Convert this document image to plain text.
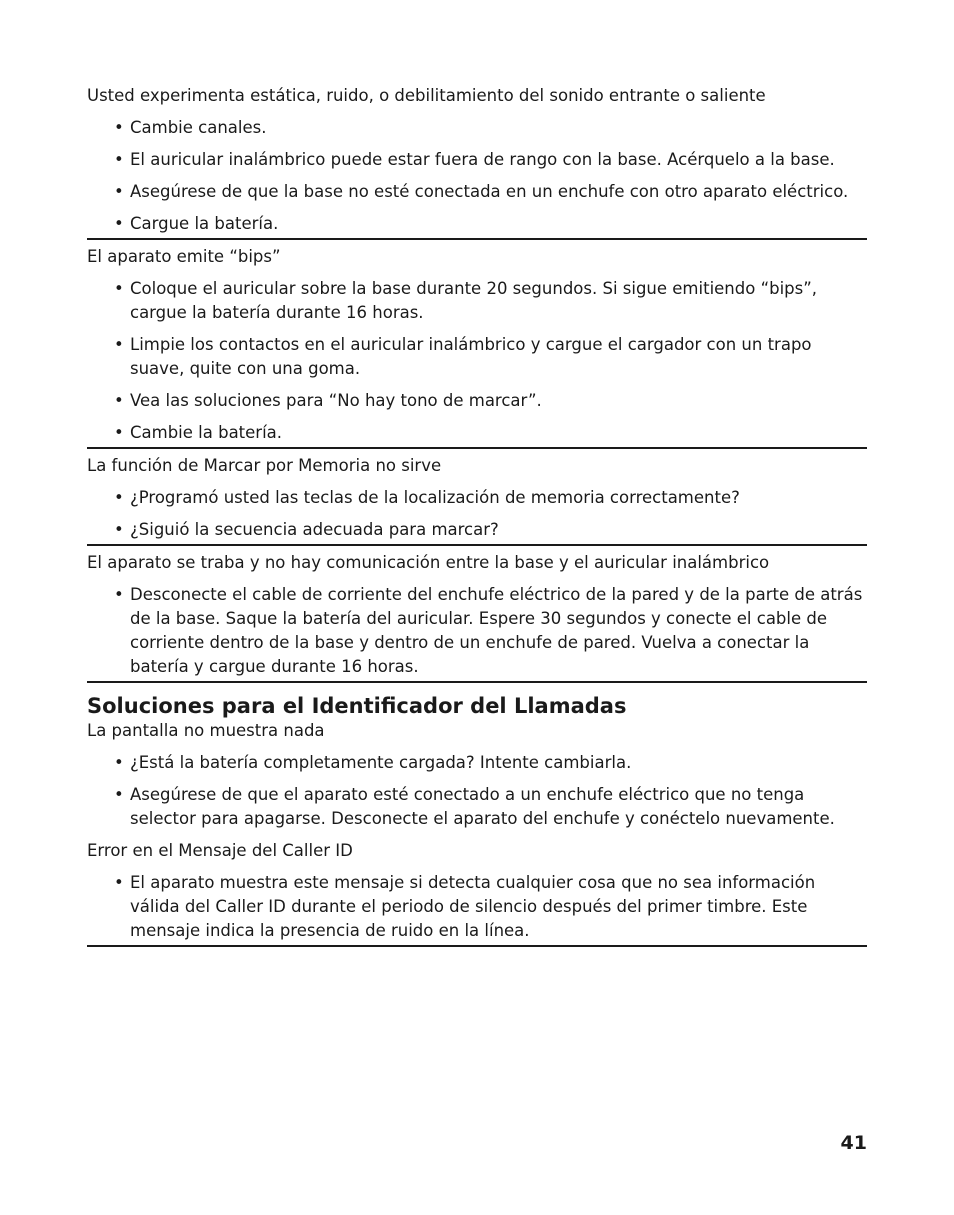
Usted experimenta estática, ruido, o debilitamiento del sonido entrante o saliente

• Cambie canales.
• El auricular inalámbrico puede estar fuera de rango con la base. Acérquelo a la base.
• Asegúrese de que la base no esté conectada en un enchufe con otro aparato eléctrico.
• Cargue la batería.

El aparato emite “bips”

• Coloque el auricular sobre la base durante 20 segundos. Si sigue emitiendo “bips”, cargue la batería durante 16 horas.
• Limpie los contactos en el auricular inalámbrico y cargue el cargador con un trapo suave, quite con una goma.
• Vea las soluciones para “No hay tono de marcar”.
• Cambie la batería.

La función de Marcar por Memoria no sirve

• ¿Programó usted las teclas de la localización de memoria correctamente?
• ¿Siguió la secuencia adecuada para marcar?

El aparato se traba y no hay comunicación entre la base y el auricular inalámbrico

• Desconecte el cable de corriente del enchufe eléctrico de la pared y de la parte de atrás de la base. Saque la batería del auricular. Espere 30 segundos y conecte el cable de corriente dentro de la base y dentro de un enchufe de pared. Vuelva a conectar la batería y cargue durante 16 horas.
Soluciones para el Identificador del Llamadas

La pantalla no muestra nada

• ¿Está la batería completamente cargada? Intente cambiarla.
• Asegúrese de que el aparato esté conectado a un enchufe eléctrico que no tenga selector para apagarse. Desconecte el aparato del enchufe y conéctelo nuevamente.

Error en el Mensaje del Caller ID

• El aparato muestra este mensaje si detecta cualquier cosa que no sea información válida del Caller ID durante el periodo de silencio después del primer timbre. Este mensaje indica la presencia de ruido en la línea.
41
